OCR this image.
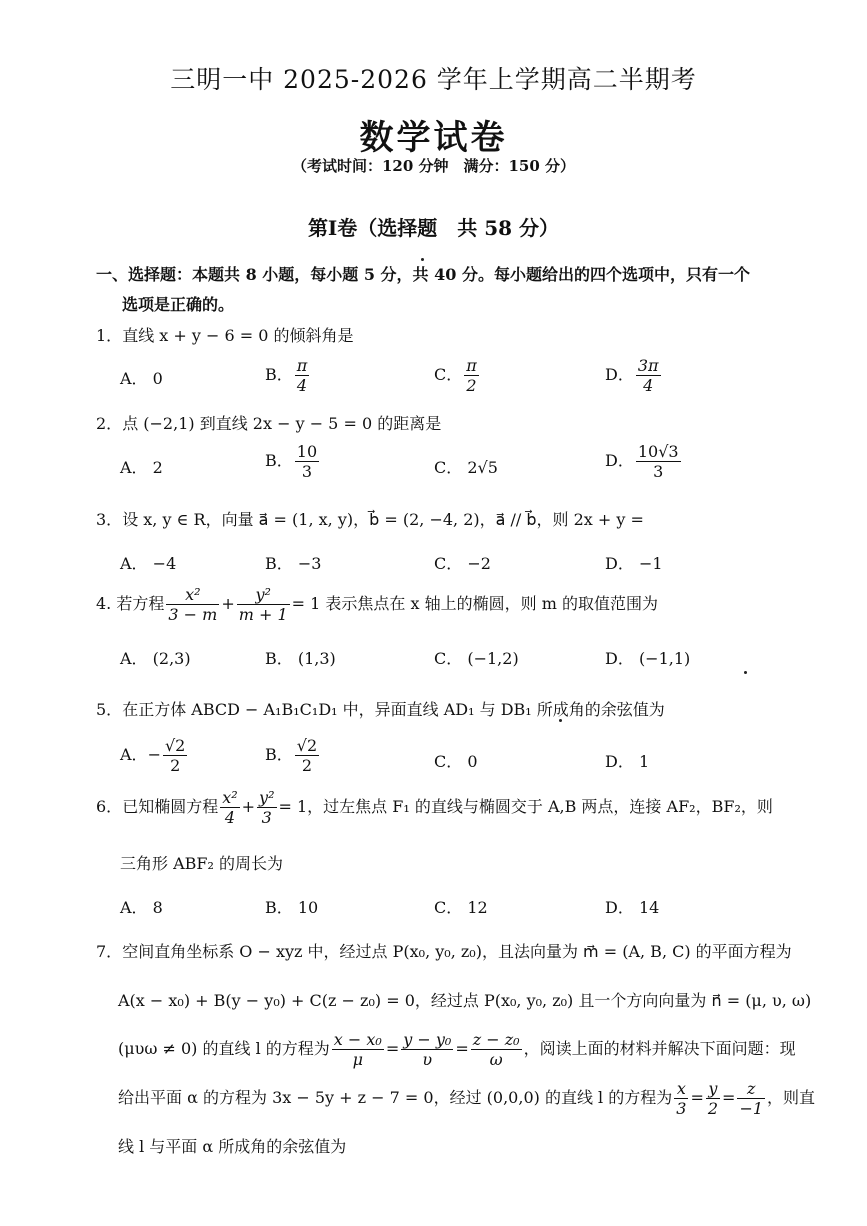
三明一中 2025-2026 学年上学期高二半期考
数学试卷
（考试时间：120 分钟　满分：150 分）
第I卷（选择题　共 58 分）
一、选择题：本题共 8 小题，每小题 5 分，共 40 分。每小题给出的四个选项中，只有一个
选项是正确的。
1．直线 x + y − 6 = 0 的倾斜角是
A． 0	B． $\frac{\pi}{4}$	C． $\frac{\pi}{2}$	D． $\frac{3\pi}{4}$
2．点 (−2,1) 到直线 2x − y − 5 = 0 的距离是
A． 2	B． $\frac{10}{3}$	C． 2√5	D． $\frac{10√3}{3}$
3．设 x, y ∈ R，向量 a⃗ = (1, x, y)，b⃗ = (2, −4, 2)，a⃗ // b⃗，则 2x + y =
A． −4	B． −3	C． −2	D． −1
4. 若方程 $\frac{\text{x²}}{3 - m} + \frac{\text{y²}}{m + 1} = 1$ 表示焦点在 x 轴上的椭圆，则 m 的取值范围为
A． (2,3)	B． (1,3)	C． (−1,2)	D． (−1,1)
5．在正方体 ABCD − A₁B₁C₁D₁ 中，异面直线 AD₁ 与 DB₁ 所成角的余弦值为
A．− $\frac{√2}{2}$	B． $\frac{√2}{2}$	C． 0	D． 1
6．已知椭圆方程 $\frac{\text{x²}}{4} + \frac{\text{y²}}{3} = 1$，过左焦点 F₁ 的直线与椭圆交于 A,B 两点，连接 AF₂，BF₂，则
三角形 ABF₂ 的周长为
A． 8	B． 10	C． 12	D． 14
7．空间直角坐标系 O − xyz 中，经过点 P(x₀, y₀, z₀)，且法向量为 m⃗ = (A, B, C) 的平面方程为
A(x − x₀) + B(y − y₀) + C(z − z₀) = 0，经过点 P(x₀, y₀, z₀) 且一个方向向量为 n⃗ = (μ, υ, ω)
(μυω ≠ 0) 的直线 l 的方程为 $\frac{\text{x − x₀}}{\mu} = \frac{\text{y − y₀}}{\upsilon} = \frac{\text{z − z₀}}{\omega}$ ，阅读上面的材料并解决下面问题：现
给出平面 α 的方程为 3x − 5y + z − 7 = 0，经过 (0,0,0) 的直线 l 的方程为 $\frac{x}{3} = \frac{y}{2} = \frac{z}{-1}$ ，则直
线 l 与平面 α 所成角的余弦值为
